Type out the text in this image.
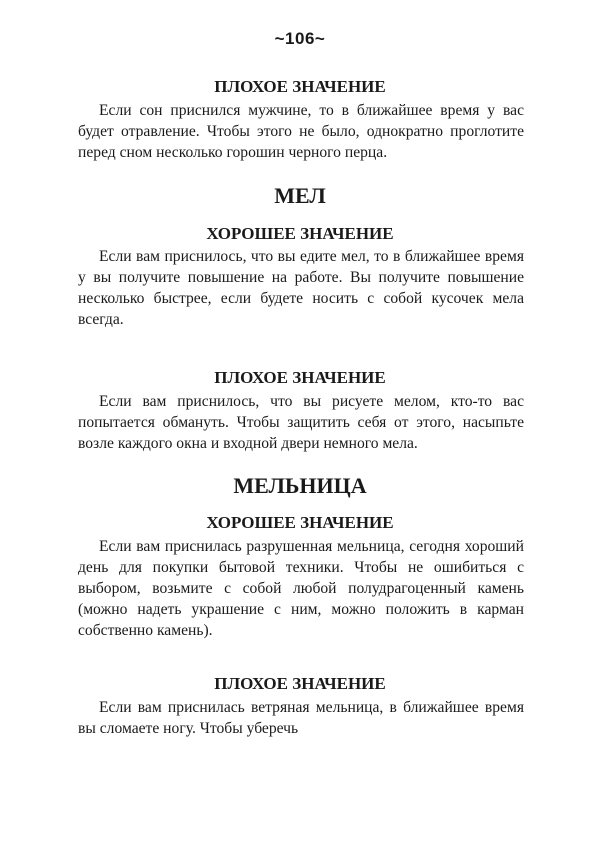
~106~
ПЛОХОЕ ЗНАЧЕНИЕ

Если сон приснился мужчине, то в ближайшее время у вас будет отравление. Чтобы этого не было, однократно проглотите перед сном несколько горошин черного перца.

МЕЛ
ХОРОШЕЕ ЗНАЧЕНИЕ

Если вам приснилось, что вы едите мел, то в ближайшее время у вы получите повышение на работе. Вы получите повышение несколько быстрее, если будете носить с собой кусочек мела всегда.

ПЛОХОЕ ЗНАЧЕНИЕ

Если вам приснилось, что вы рисуете мелом, кто-то вас попытается обмануть. Чтобы защитить себя от этого, насыпьте возле каждого окна и входной двери немного мела.

МЕЛЬНИЦА
ХОРОШЕЕ ЗНАЧЕНИЕ

Если вам приснилась разрушенная мельница, сегодня хороший день для покупки бытовой техники. Чтобы не ошибиться с выбором, возьмите с собой любой полудрагоценный камень (можно надеть украшение с ним, можно положить в карман собственно камень).

ПЛОХОЕ ЗНАЧЕНИЕ

Если вам приснилась ветряная мельница, в ближайшее время вы сломаете ногу. Чтобы уберечь
